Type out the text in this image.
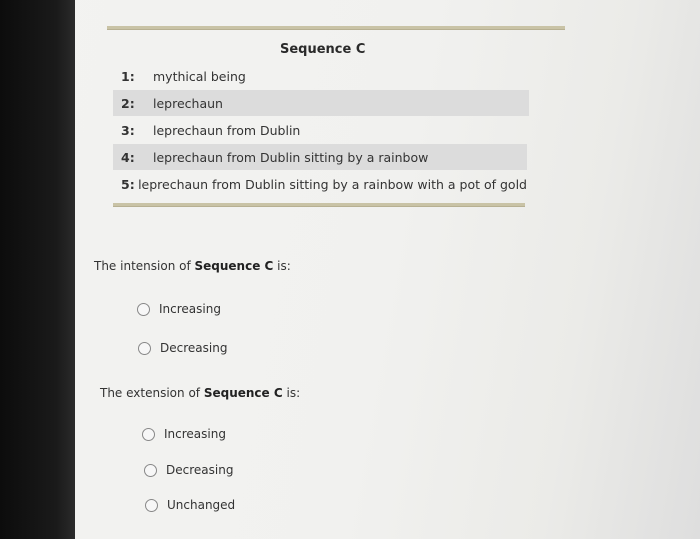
Sequence C
1:	mythical being
2:	leprechaun
3:	leprechaun from Dublin
4:	leprechaun from Dublin sitting by a rainbow
5: leprechaun from Dublin sitting by a rainbow with a pot of gold
The intension of Sequence C is:
Increasing
Decreasing
The extension of Sequence C is:
Increasing
Decreasing
Unchanged
